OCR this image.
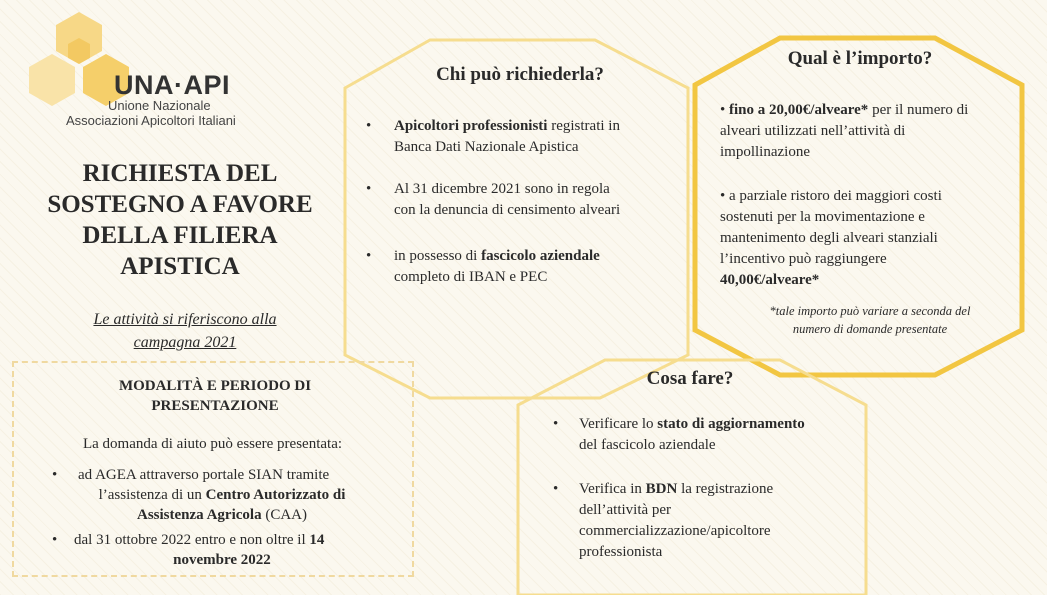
UNA·API
Unione Nazionale
Associazioni Apicoltori Italiani
RICHIESTA DEL
SOSTEGNO A FAVORE
DELLA FILIERA
APISTICA
Le attività si riferiscono alla
campagna 2021
MODALITÀ E PERIODO DI
PRESENTAZIONE
La domanda di aiuto può essere presentata:
•	ad AGEA attraverso portale SIAN tramite
l’assistenza di un Centro Autorizzato di
Assistenza Agricola (CAA)
•	dal 31 ottobre 2022 entro e non oltre il 14
novembre 2022
Chi può richiederla?
•	Apicoltori professionisti registrati in
Banca Dati Nazionale Apistica
•	Al 31 dicembre 2021 sono in regola
con la denuncia di censimento alveari
•	in possesso di fascicolo aziendale
completo di IBAN e PEC
Qual è l’importo?
• fino a 20,00€/alveare* per il numero di
alveari utilizzati nell’attività di
impollinazione
• a parziale ristoro dei maggiori costi
sostenuti per la movimentazione e
mantenimento degli alveari stanziali
l’incentivo può raggiungere
40,00€/alveare*
*tale importo può variare a seconda del
numero di domande presentate
Cosa fare?
•	Verificare lo stato di aggiornamento
del fascicolo aziendale
•	Verifica in BDN la registrazione
dell’attività per
commercializzazione/apicoltore
professionista
